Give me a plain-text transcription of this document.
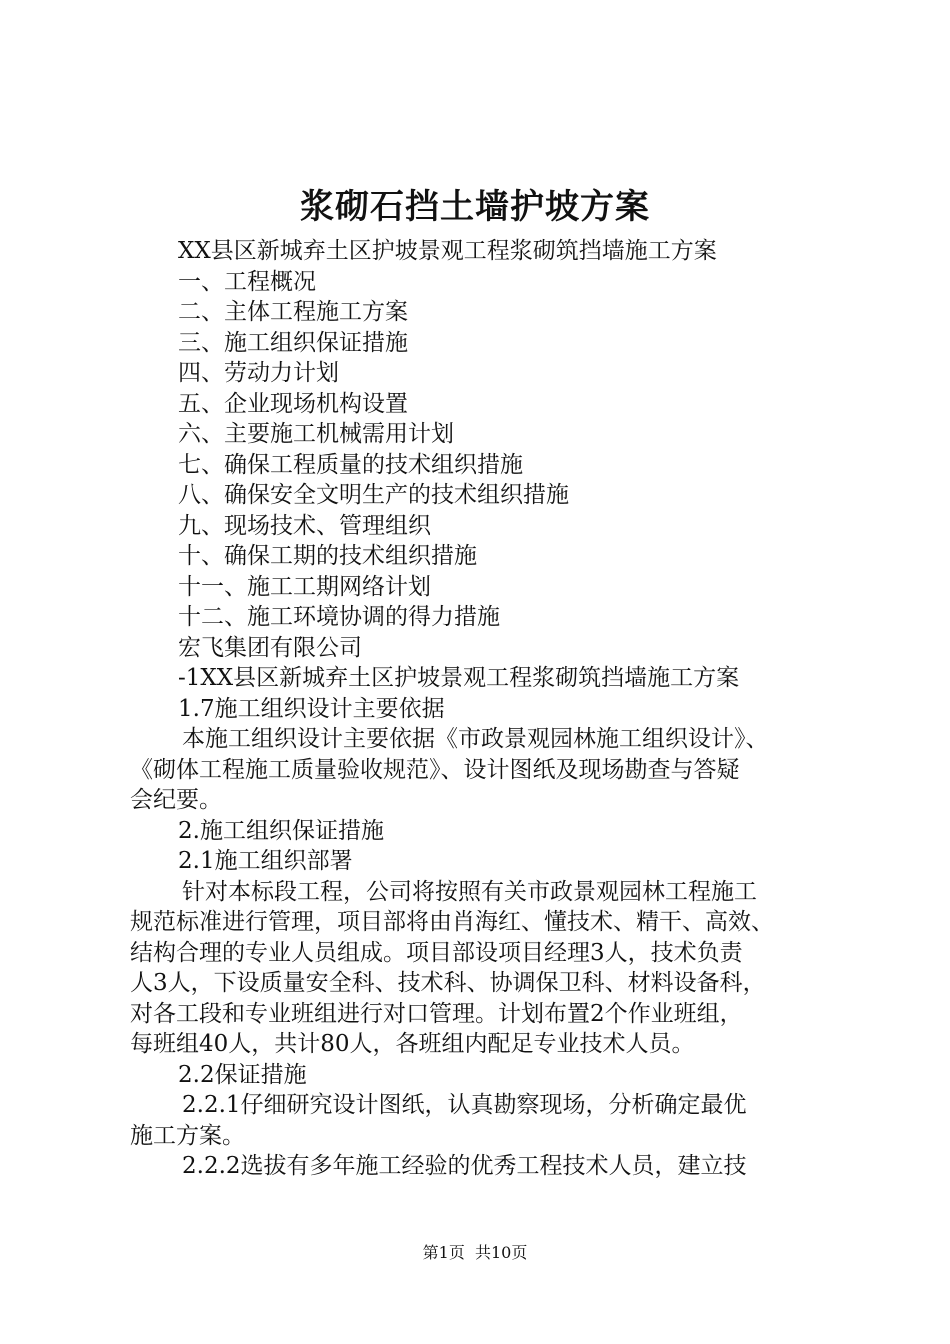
浆砌石挡土墙护坡方案
XX县区新城弃土区护坡景观工程浆砌筑挡墙施工方案
一、工程概况
二、主体工程施工方案
三、施工组织保证措施
四、劳动力计划
五、企业现场机构设置
六、主要施工机械需用计划
七、确保工程质量的技术组织措施
八、确保安全文明生产的技术组织措施
九、现场技术、管理组织
十、确保工期的技术组织措施
十一、施工工期网络计划
十二、施工环境协调的得力措施
宏飞集团有限公司
-1XX县区新城弃土区护坡景观工程浆砌筑挡墙施工方案
1.7施工组织设计主要依据
本施工组织设计主要依据《市政景观园林施工组织设计》、
《砌体工程施工质量验收规范》、设计图纸及现场勘查与答疑
会纪要。
2.施工组织保证措施
2.1施工组织部署
针对本标段工程，公司将按照有关市政景观园林工程施工
规范标准进行管理，项目部将由肖海红、懂技术、精干、高效、
结构合理的专业人员组成。项目部设项目经理3人，技术负责
人3人，下设质量安全科、技术科、协调保卫科、材料设备科，
对各工段和专业班组进行对口管理。计划布置2个作业班组，
每班组40人，共计80人，各班组内配足专业技术人员。
2.2保证措施
2.2.1仔细研究设计图纸，认真勘察现场，分析确定最优
施工方案。
2.2.2选拔有多年施工经验的优秀工程技术人员，建立技
第1页  共10页
